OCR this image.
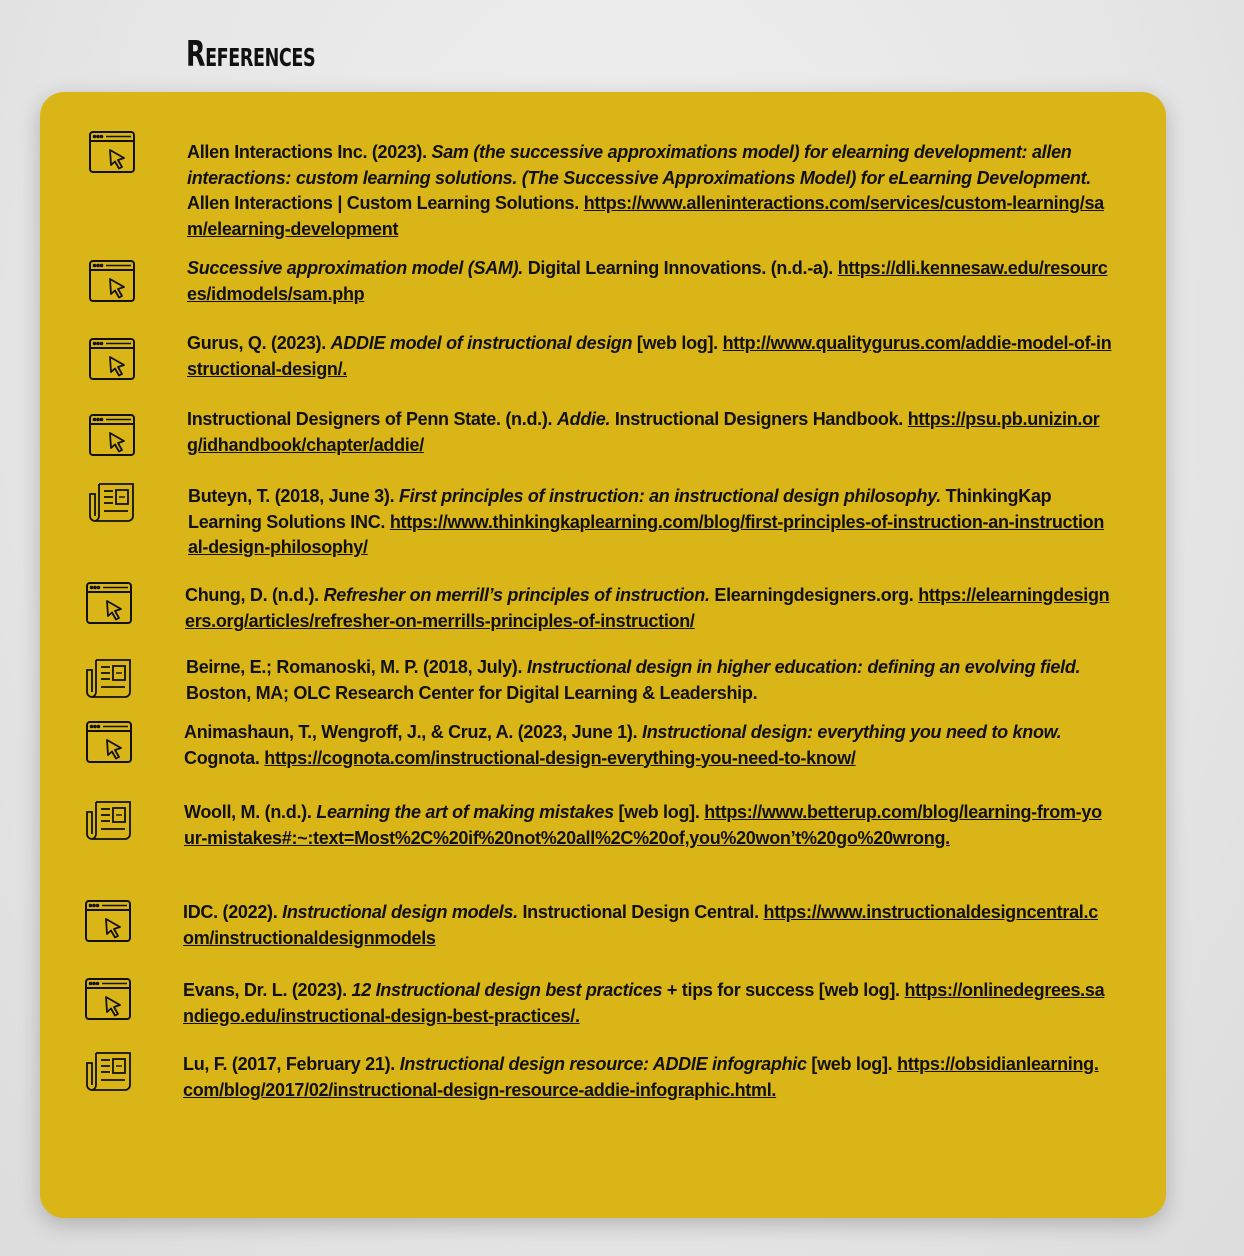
References
Allen Interactions Inc. (2023). Sam (the successive approximations model) for elearning development: allen interactions: custom learning solutions. (The Successive Approximations Model) for eLearning Development. Allen Interactions | Custom Learning Solutions. https://www.alleninteractions.com/services/custom-learning/sam/elearning-development
Successive approximation model (SAM). Digital Learning Innovations. (n.d.-a). https://dli.kennesaw.edu/resources/idmodels/sam.php
Gurus, Q. (2023). ADDIE model of instructional design [web log]. http://www.qualitygurus.com/addie-model-of-instructional-design/.
Instructional Designers of Penn State. (n.d.). Addie. Instructional Designers Handbook. https://psu.pb.unizin.org/idhandbook/chapter/addie/
Buteyn, T. (2018, June 3). First principles of instruction: an instructional design philosophy. ThinkingKap Learning Solutions INC. https://www.thinkingkaplearning.com/blog/first-principles-of-instruction-an-instructional-design-philosophy/
Chung, D. (n.d.). Refresher on merrill’s principles of instruction. Elearningdesigners.org. https://elearningdesigners.org/articles/refresher-on-merrills-principles-of-instruction/
Beirne, E.; Romanoski, M. P. (2018, July). Instructional design in higher education: defining an evolving field. Boston, MA; OLC Research Center for Digital Learning & Leadership.
Animashaun, T., Wengroff, J., & Cruz, A. (2023, June 1). Instructional design: everything you need to know. Cognota. https://cognota.com/instructional-design-everything-you-need-to-know/
Wooll, M. (n.d.). Learning the art of making mistakes [web log]. https://www.betterup.com/blog/learning-from-your-mistakes#:~:text=Most%2C%20if%20not%20all%2C%20of,you%20won’t%20go%20wrong.
IDC. (2022). Instructional design models. Instructional Design Central. https://www.instructionaldesigncentral.com/instructionaldesignmodels
Evans, Dr. L. (2023). 12 Instructional design best practices + tips for success [web log]. https://onlinedegrees.sandiego.edu/instructional-design-best-practices/.
Lu, F. (2017, February 21). Instructional design resource: ADDIE infographic [web log]. https://obsidianlearning.com/blog/2017/02/instructional-design-resource-addie-infographic.html.
